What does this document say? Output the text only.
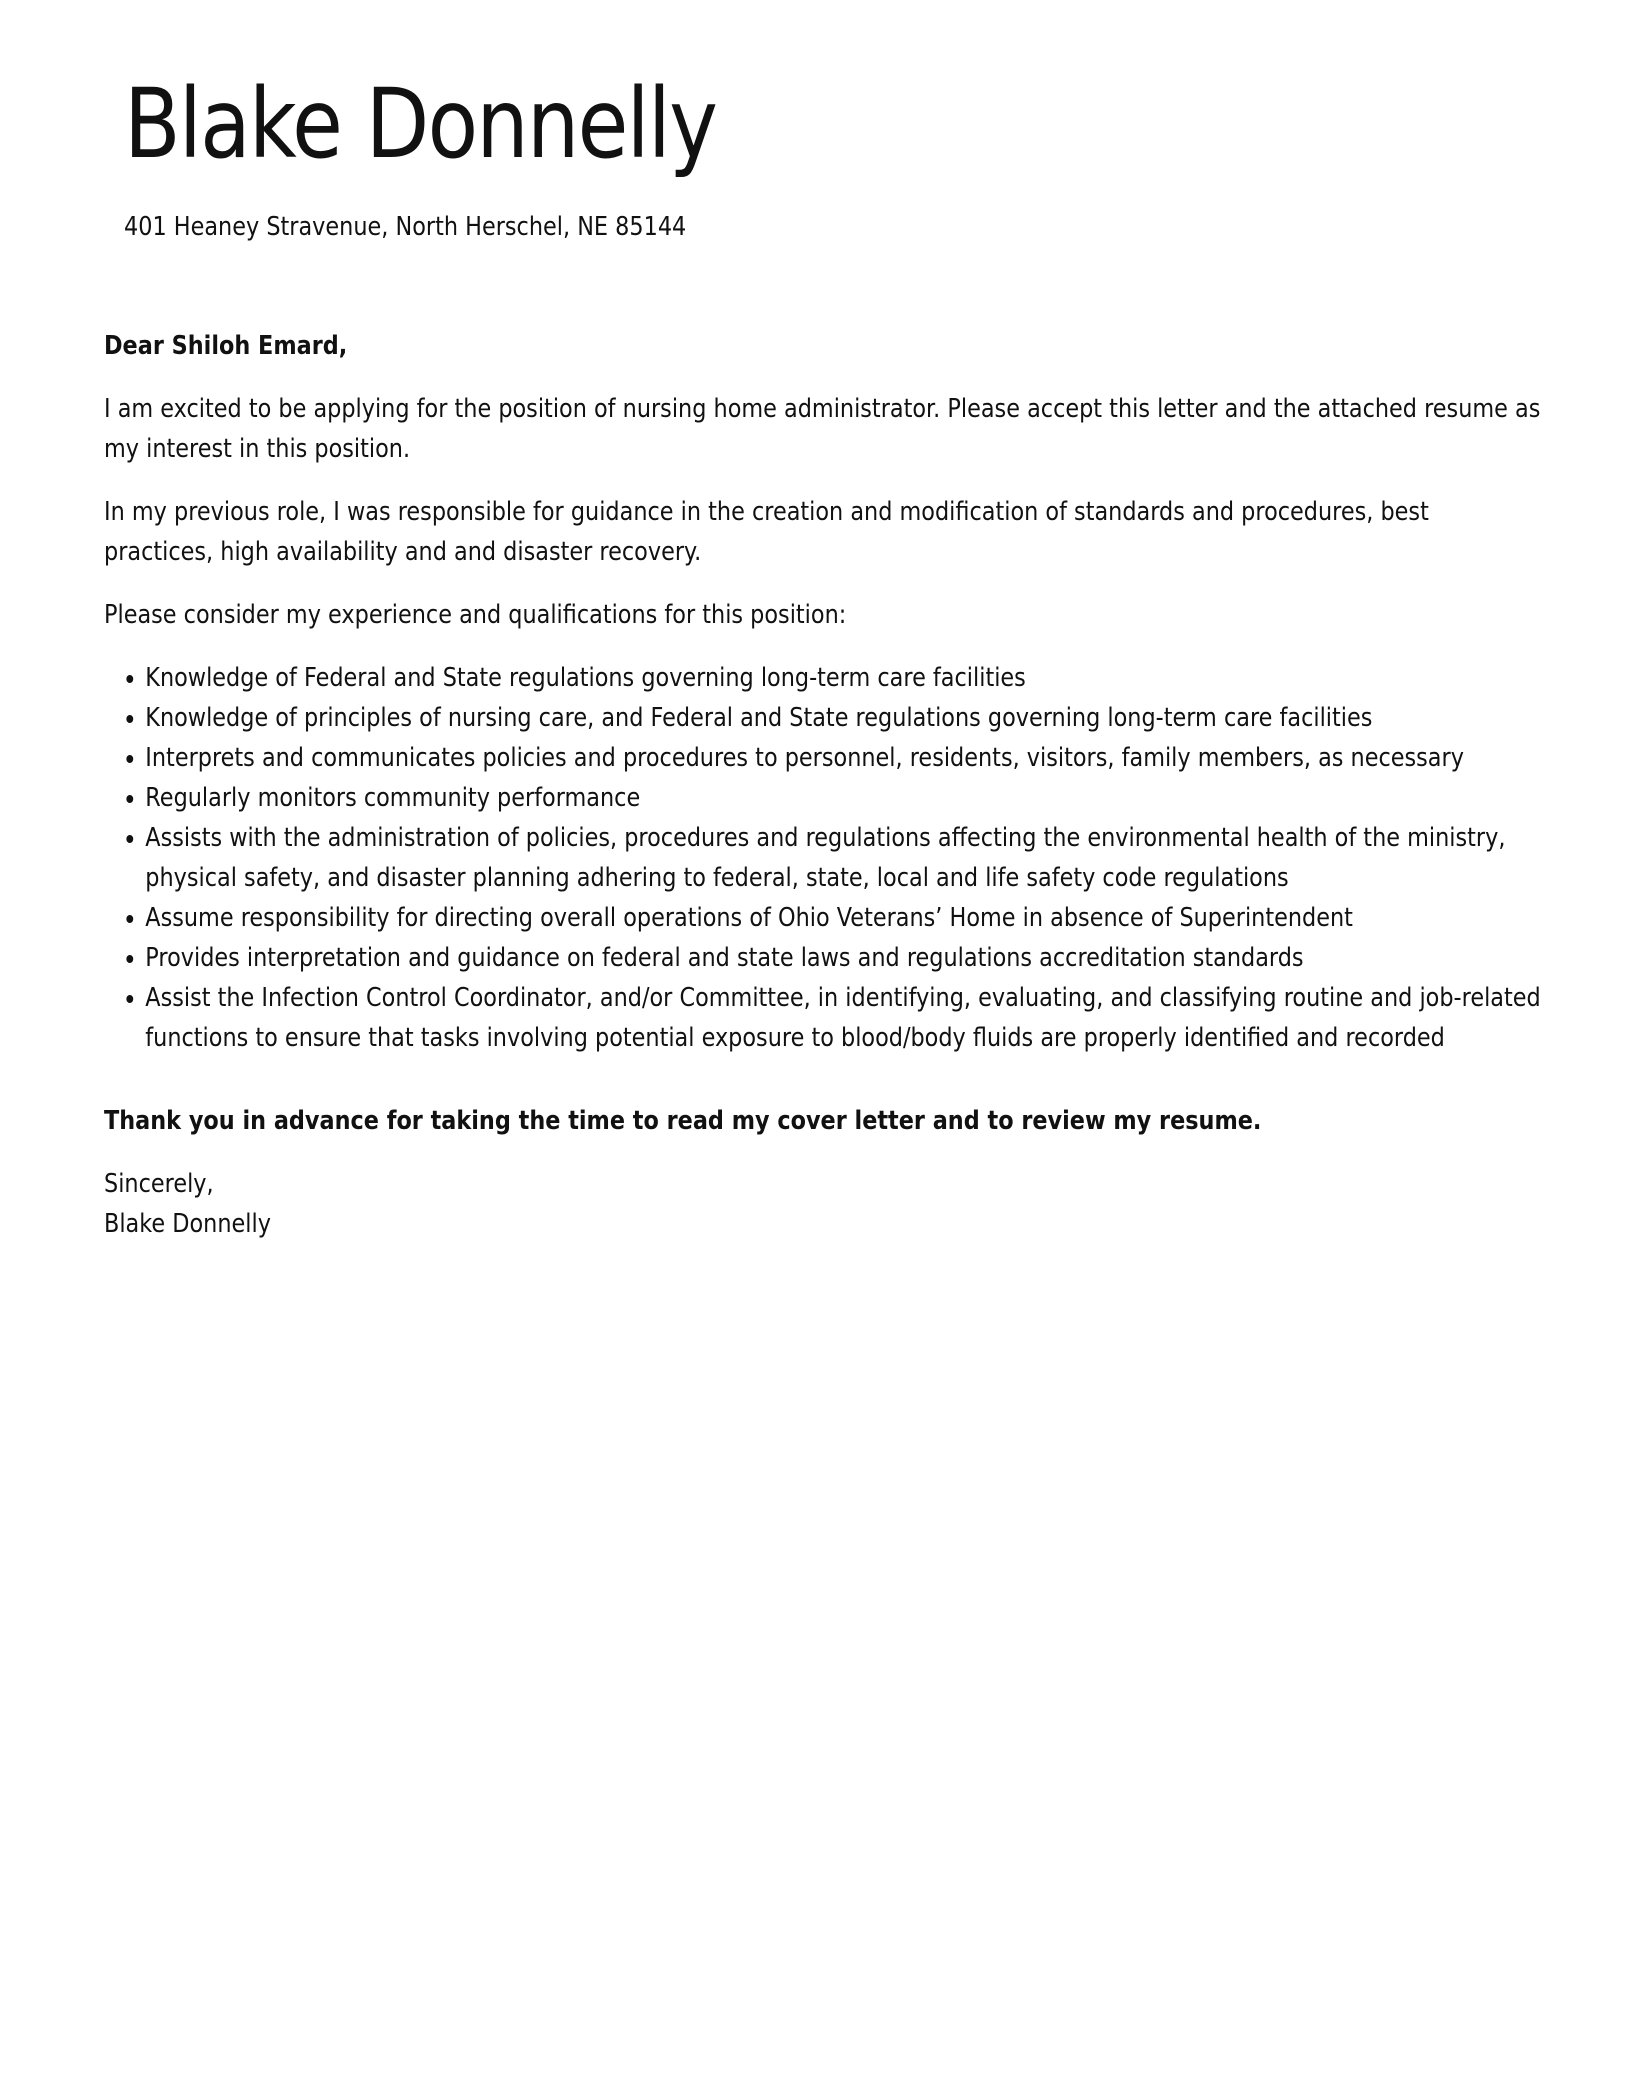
Blake Donnelly
401 Heaney Stravenue, North Herschel, NE 85144

Dear Shiloh Emard,

I am excited to be applying for the position of nursing home administrator. Please accept this letter and the attached resume as my interest in this position.

In my previous role, I was responsible for guidance in the creation and modification of standards and procedures, best practices, high availability and and disaster recovery.

Please consider my experience and qualifications for this position:

• Knowledge of Federal and State regulations governing long-term care facilities
• Knowledge of principles of nursing care, and Federal and State regulations governing long-term care facilities
• Interprets and communicates policies and procedures to personnel, residents, visitors, family members, as necessary
• Regularly monitors community performance
• Assists with the administration of policies, procedures and regulations affecting the environmental health of the ministry, physical safety, and disaster planning adhering to federal, state, local and life safety code regulations
• Assume responsibility for directing overall operations of Ohio Veterans’ Home in absence of Superintendent
• Provides interpretation and guidance on federal and state laws and regulations accreditation standards
• Assist the Infection Control Coordinator, and/or Committee, in identifying, evaluating, and classifying routine and job-related functions to ensure that tasks involving potential exposure to blood/body fluids are properly identified and recorded

Thank you in advance for taking the time to read my cover letter and to review my resume.

Sincerely,

Blake Donnelly
